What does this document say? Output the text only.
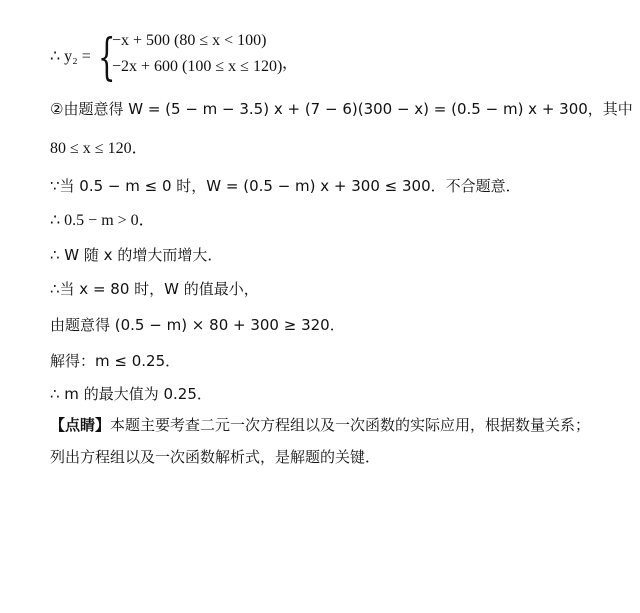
∴ y₂ = {
−x + 500 (80 ≤ x < 100)
−2x + 600 (100 ≤ x ≤ 120) ，
②由题意得 W = (5 − m − 3.5) x + (7 − 6)(300 − x) = (0.5 − m) x + 300，其中
80 ≤ x ≤ 120．
∵当 0.5 − m ≤ 0 时，W = (0.5 − m) x + 300 ≤ 300．不合题意．
∴ 0.5 − m > 0．
∴ W 随 x 的增大而增大．
∴当 x = 80 时，W 的值最小，
由题意得 (0.5 − m) × 80 + 300 ≥ 320．
解得：m ≤ 0.25．
∴ m 的最大值为 0.25．
【点睛】本题主要考查二元一次方程组以及一次函数的实际应用，根据数量关系；
列出方程组以及一次函数解析式，是解题的关键．
